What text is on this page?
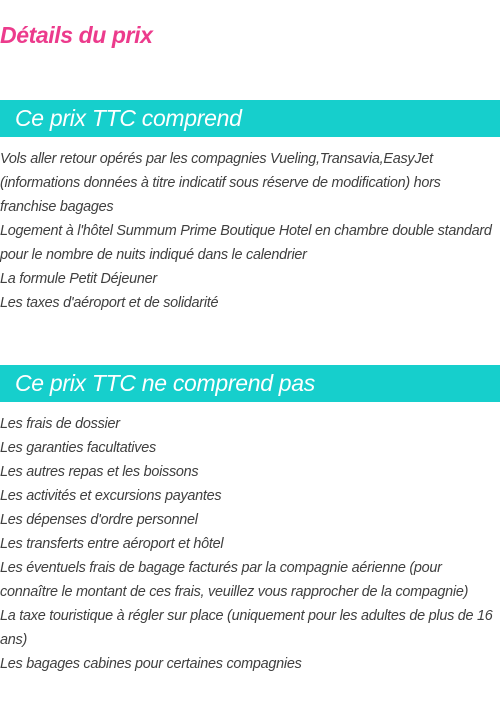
Détails du prix
Ce prix TTC comprend
Vols aller retour opérés par les compagnies Vueling,Transavia,EasyJet (informations données à titre indicatif sous réserve de modification) hors franchise bagages
Logement à l'hôtel Summum Prime Boutique Hotel en chambre double standard pour le nombre de nuits indiqué dans le calendrier
La formule Petit Déjeuner
Les taxes d'aéroport et de solidarité
Ce prix TTC ne comprend pas
Les frais de dossier
Les garanties facultatives
Les autres repas et les boissons
Les activités et excursions payantes
Les dépenses d'ordre personnel
Les transferts entre aéroport et hôtel
Les éventuels frais de bagage facturés par la compagnie aérienne (pour connaître le montant de ces frais, veuillez vous rapprocher de la compagnie)
La taxe touristique à régler sur place (uniquement pour les adultes de plus de 16 ans)
Les bagages cabines pour certaines compagnies
